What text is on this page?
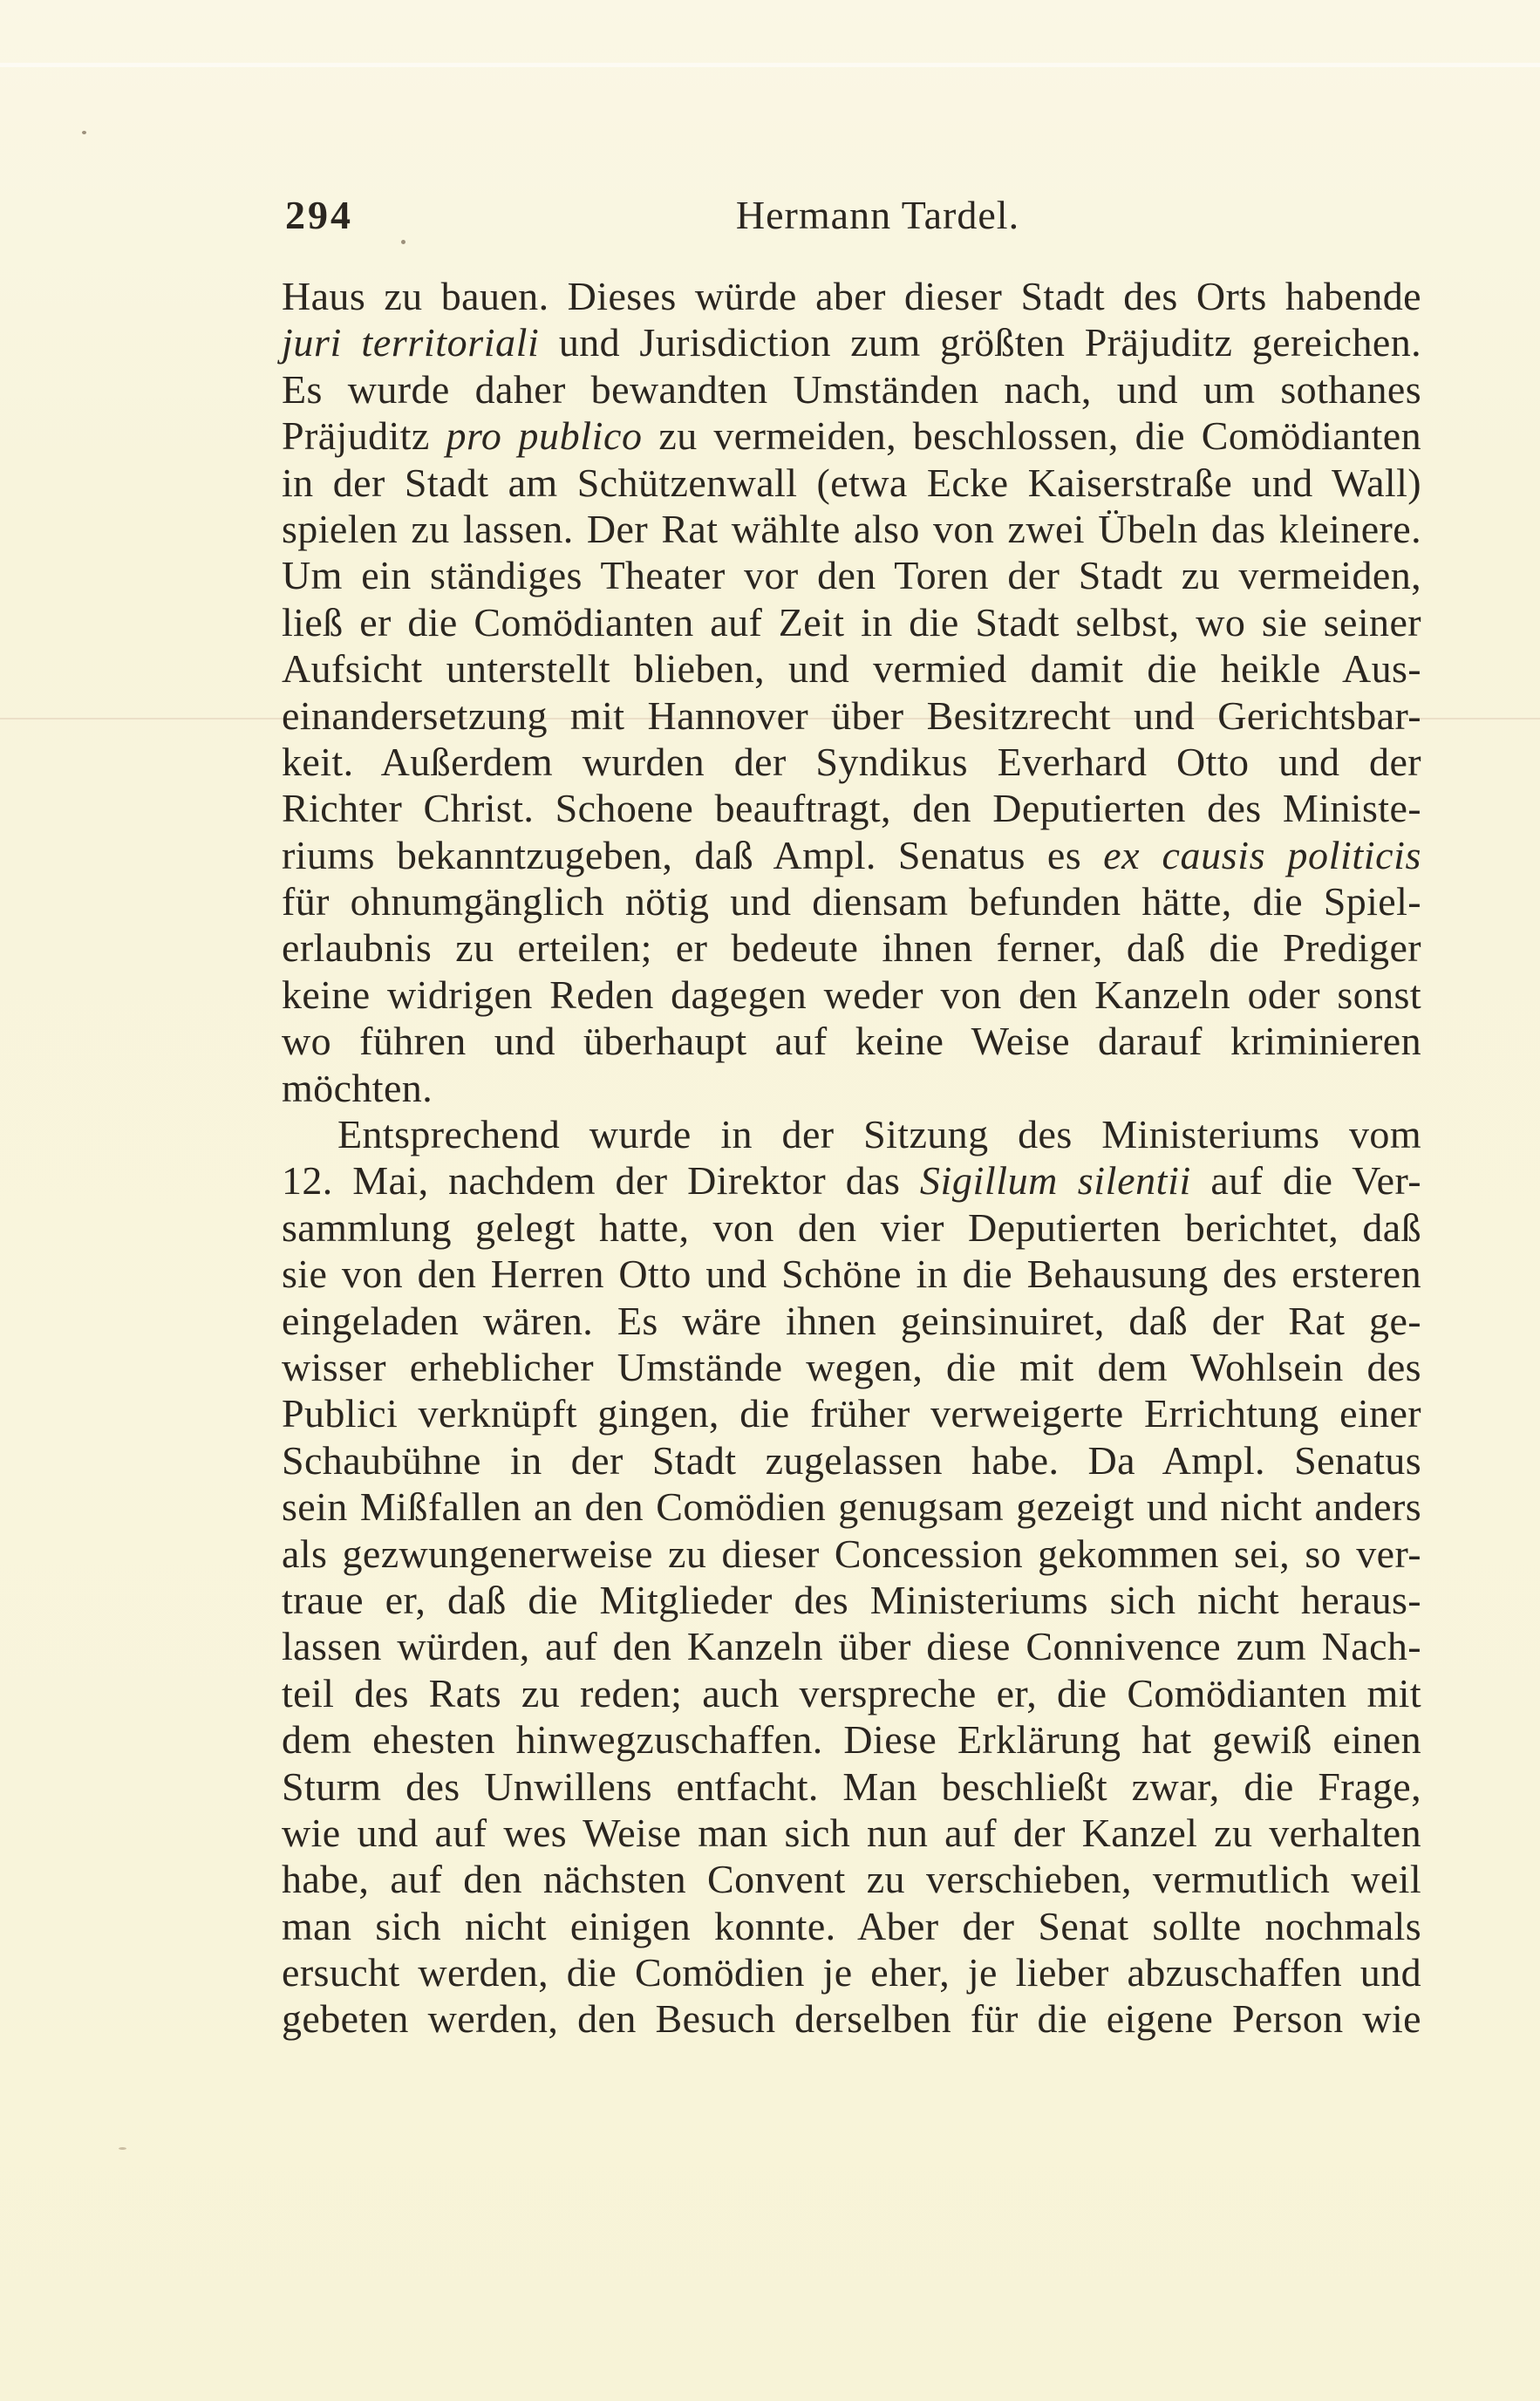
294	Hermann Tardel.
Haus zu bauen. Dieses würde aber dieser Stadt des Orts habende
juri territoriali und Jurisdiction zum größten Präjuditz gereichen.
Es wurde daher bewandten Umständen nach, und um sothanes
Präjuditz pro publico zu vermeiden, beschlossen, die Comödianten
in der Stadt am Schützenwall (etwa Ecke Kaiserstraße und Wall)
spielen zu lassen. Der Rat wählte also von zwei Übeln das kleinere.
Um ein ständiges Theater vor den Toren der Stadt zu vermeiden,
ließ er die Comödianten auf Zeit in die Stadt selbst, wo sie seiner
Aufsicht unterstellt blieben, und vermied damit die heikle Aus-
einandersetzung mit Hannover über Besitzrecht und Gerichtsbar-
keit. Außerdem wurden der Syndikus Everhard Otto und der
Richter Christ. Schoene beauftragt, den Deputierten des Ministe-
riums bekanntzugeben, daß Ampl. Senatus es ex causis politicis
für ohnumgänglich nötig und diensam befunden hätte, die Spiel-
erlaubnis zu erteilen; er bedeute ihnen ferner, daß die Prediger
keine widrigen Reden dagegen weder von den Kanzeln oder sonst
wo führen und überhaupt auf keine Weise darauf kriminieren
möchten.
Entsprechend wurde in der Sitzung des Ministeriums vom
12. Mai, nachdem der Direktor das Sigillum silentii auf die Ver-
sammlung gelegt hatte, von den vier Deputierten berichtet, daß
sie von den Herren Otto und Schöne in die Behausung des ersteren
eingeladen wären. Es wäre ihnen geinsinuiret, daß der Rat ge-
wisser erheblicher Umstände wegen, die mit dem Wohlsein des
Publici verknüpft gingen, die früher verweigerte Errichtung einer
Schaubühne in der Stadt zugelassen habe. Da Ampl. Senatus
sein Mißfallen an den Comödien genugsam gezeigt und nicht anders
als gezwungenerweise zu dieser Concession gekommen sei, so ver-
traue er, daß die Mitglieder des Ministeriums sich nicht heraus-
lassen würden, auf den Kanzeln über diese Connivence zum Nach-
teil des Rats zu reden; auch verspreche er, die Comödianten mit
dem ehesten hinwegzuschaffen. Diese Erklärung hat gewiß einen
Sturm des Unwillens entfacht. Man beschließt zwar, die Frage,
wie und auf wes Weise man sich nun auf der Kanzel zu verhalten
habe, auf den nächsten Convent zu verschieben, vermutlich weil
man sich nicht einigen konnte. Aber der Senat sollte nochmals
ersucht werden, die Comödien je eher, je lieber abzuschaffen und
gebeten werden, den Besuch derselben für die eigene Person wie
